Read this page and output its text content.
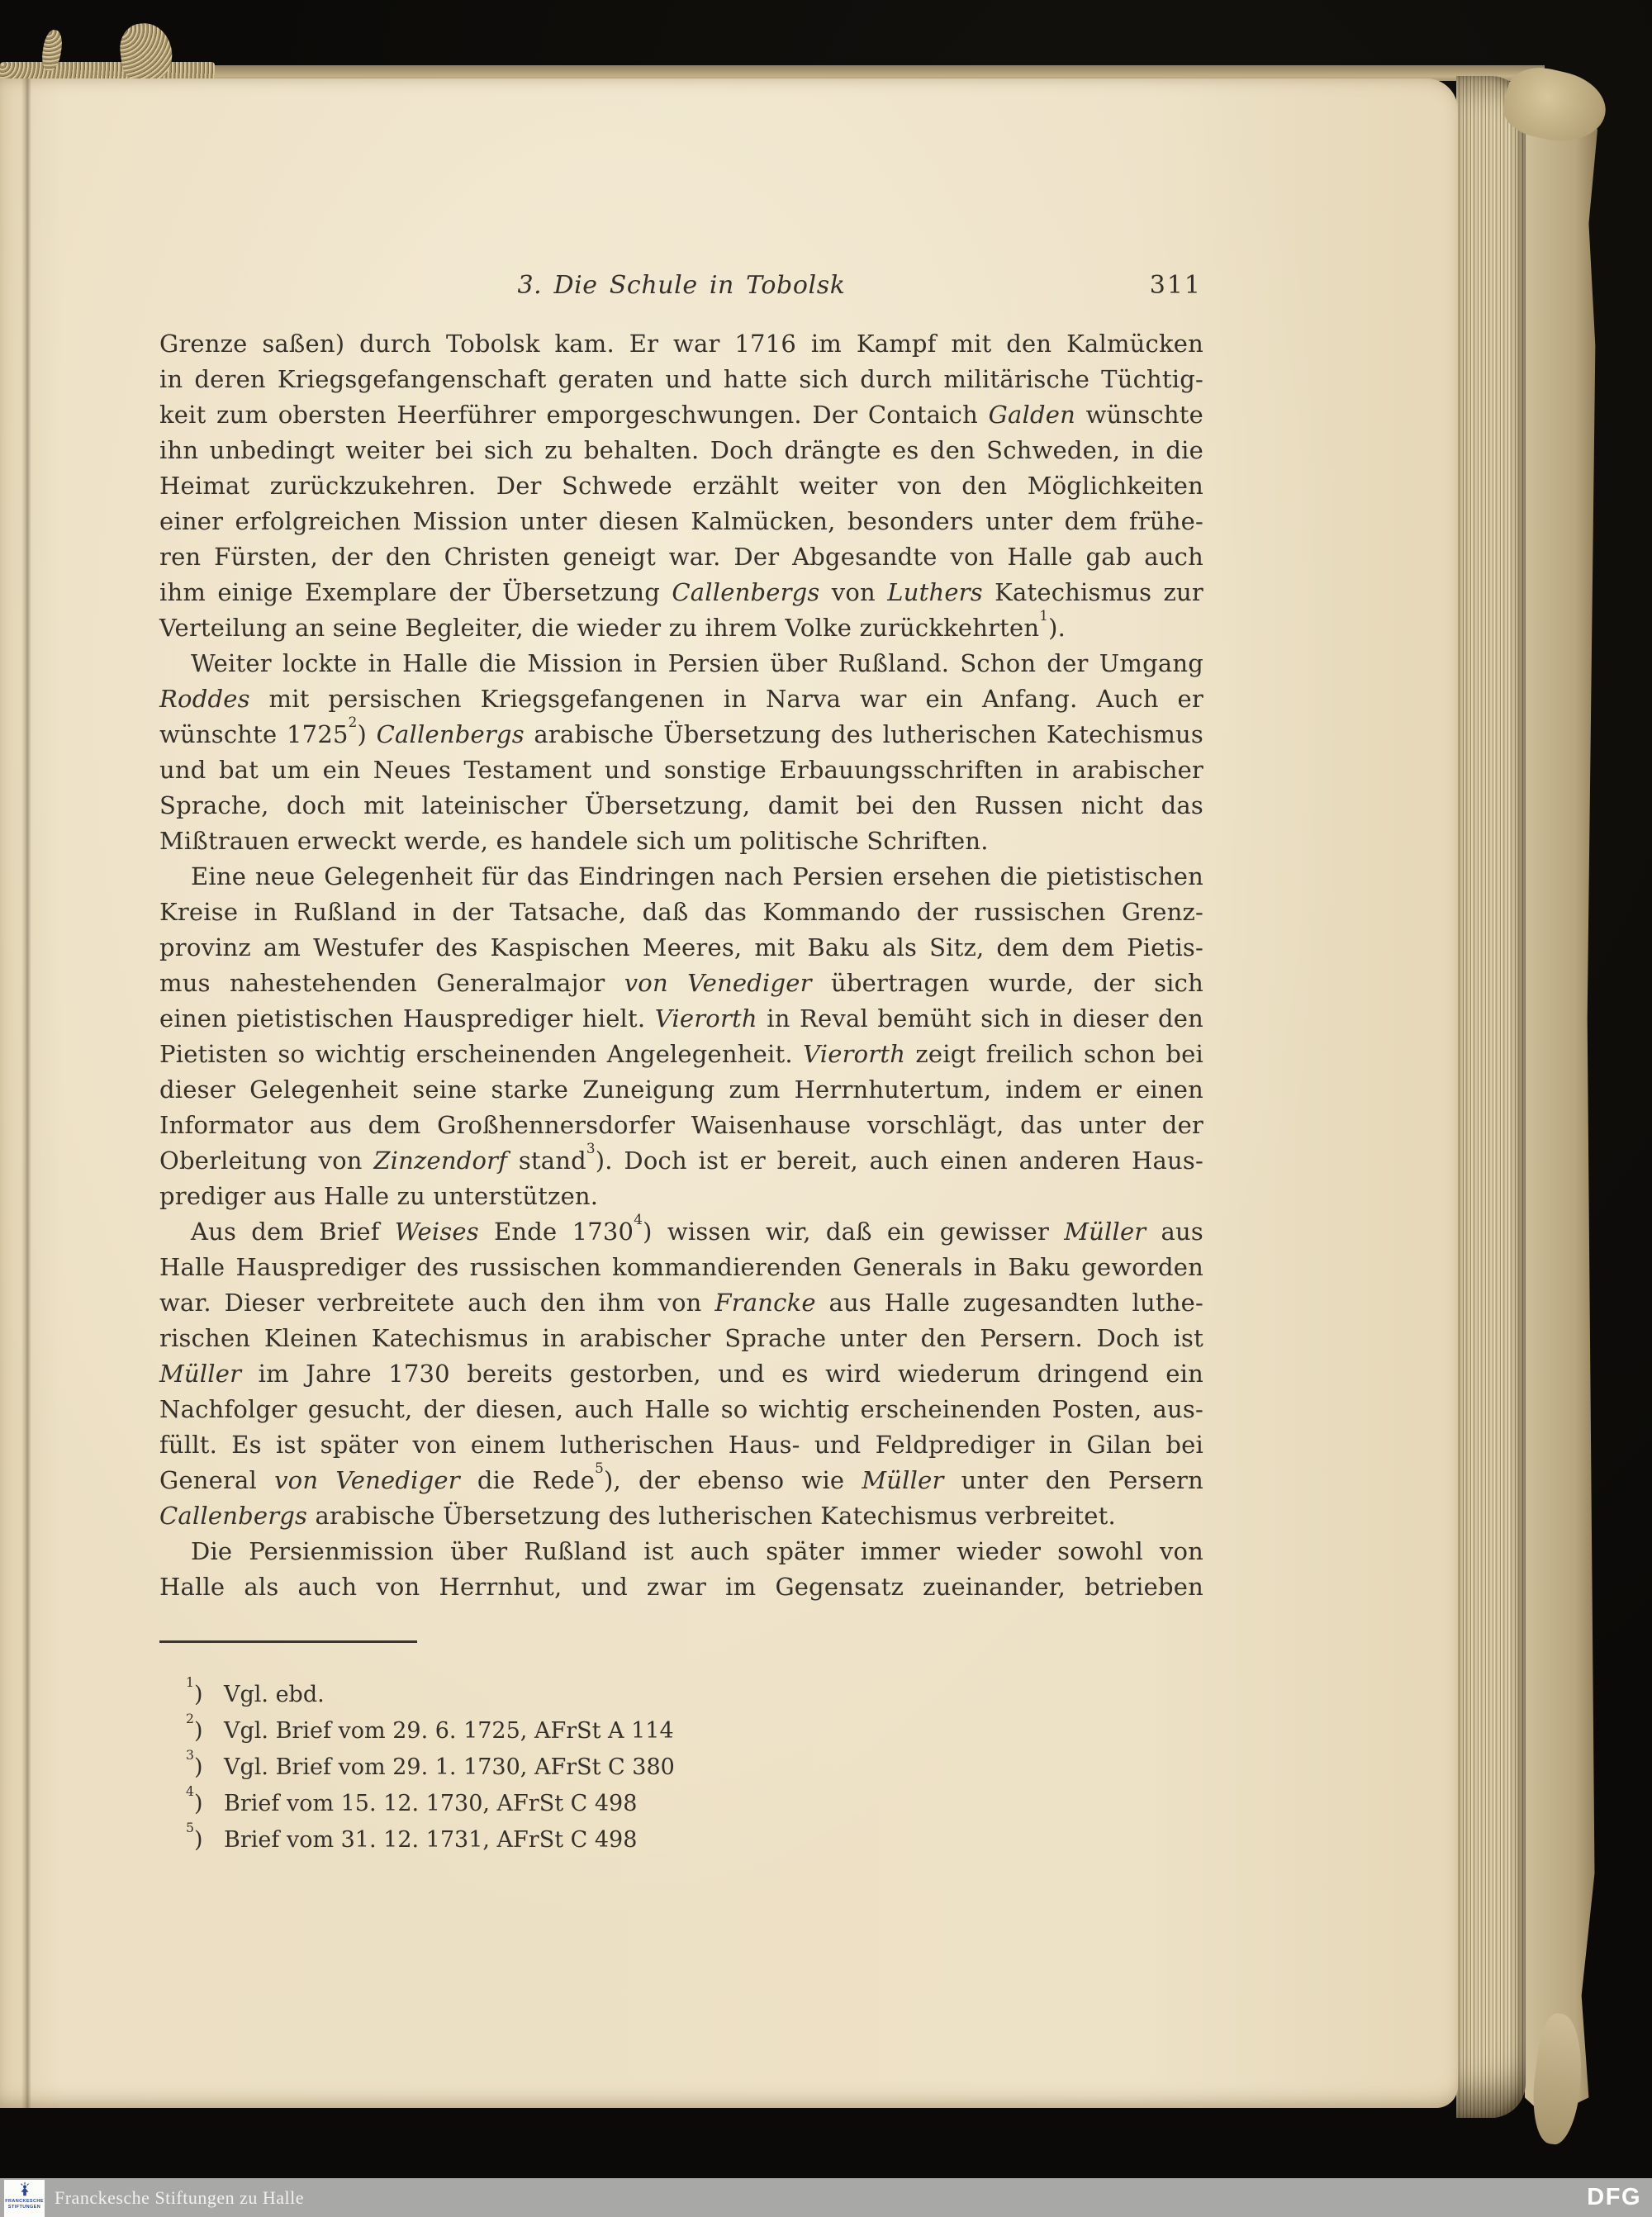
3. Die Schule in Tobolsk	311
Grenze saßen) durch Tobolsk kam. Er war 1716 im Kampf mit den Kalmücken
in deren Kriegsgefangenschaft geraten und hatte sich durch militärische Tüchtig-
keit zum obersten Heerführer emporgeschwungen. Der Contaich Galden wünschte
ihn unbedingt weiter bei sich zu behalten. Doch drängte es den Schweden, in die
Heimat zurückzukehren. Der Schwede erzählt weiter von den Möglichkeiten
einer erfolgreichen Mission unter diesen Kalmücken, besonders unter dem frühe-
ren Fürsten, der den Christen geneigt war. Der Abgesandte von Halle gab auch
ihm einige Exemplare der Übersetzung Callenbergs von Luthers Katechismus zur
Verteilung an seine Begleiter, die wieder zu ihrem Volke zurückkehrten$^1$).
Weiter lockte in Halle die Mission in Persien über Rußland. Schon der Umgang
Roddes mit persischen Kriegsgefangenen in Narva war ein Anfang. Auch er
wünschte 1725$^2$) Callenbergs arabische Übersetzung des lutherischen Katechismus
und bat um ein Neues Testament und sonstige Erbauungsschriften in arabischer
Sprache, doch mit lateinischer Übersetzung, damit bei den Russen nicht das
Mißtrauen erweckt werde, es handele sich um politische Schriften.
Eine neue Gelegenheit für das Eindringen nach Persien ersehen die pietistischen
Kreise in Rußland in der Tatsache, daß das Kommando der russischen Grenz-
provinz am Westufer des Kaspischen Meeres, mit Baku als Sitz, dem dem Pietis-
mus nahestehenden Generalmajor von Venediger übertragen wurde, der sich
einen pietistischen Hausprediger hielt. Vierorth in Reval bemüht sich in dieser den
Pietisten so wichtig erscheinenden Angelegenheit. Vierorth zeigt freilich schon bei
dieser Gelegenheit seine starke Zuneigung zum Herrnhutertum, indem er einen
Informator aus dem Großhennersdorfer Waisenhause vorschlägt, das unter der
Oberleitung von Zinzendorf stand$^3$). Doch ist er bereit, auch einen anderen Haus-
prediger aus Halle zu unterstützen.
Aus dem Brief Weises Ende 1730$^4$) wissen wir, daß ein gewisser Müller aus
Halle Hausprediger des russischen kommandierenden Generals in Baku geworden
war. Dieser verbreitete auch den ihm von Francke aus Halle zugesandten luthe-
rischen Kleinen Katechismus in arabischer Sprache unter den Persern. Doch ist
Müller im Jahre 1730 bereits gestorben, und es wird wiederum dringend ein
Nachfolger gesucht, der diesen, auch Halle so wichtig erscheinenden Posten, aus-
füllt. Es ist später von einem lutherischen Haus- und Feldprediger in Gilan bei
General von Venediger die Rede$^5$), der ebenso wie Müller unter den Persern
Callenbergs arabische Übersetzung des lutherischen Katechismus verbreitet.
Die Persienmission über Rußland ist auch später immer wieder sowohl von
Halle als auch von Herrnhut, und zwar im Gegensatz zueinander, betrieben
$^1$) Vgl. ebd.
$^2$) Vgl. Brief vom 29. 6. 1725, AFrSt A 114
$^3$) Vgl. Brief vom 29. 1. 1730, AFrSt C 380
$^4$) Brief vom 15. 12. 1730, AFrSt C 498
$^5$) Brief vom 31. 12. 1731, AFrSt C 498
FRANCKESCHE
STIFTUNGEN Franckesche Stiftungen zu Halle	DFG
